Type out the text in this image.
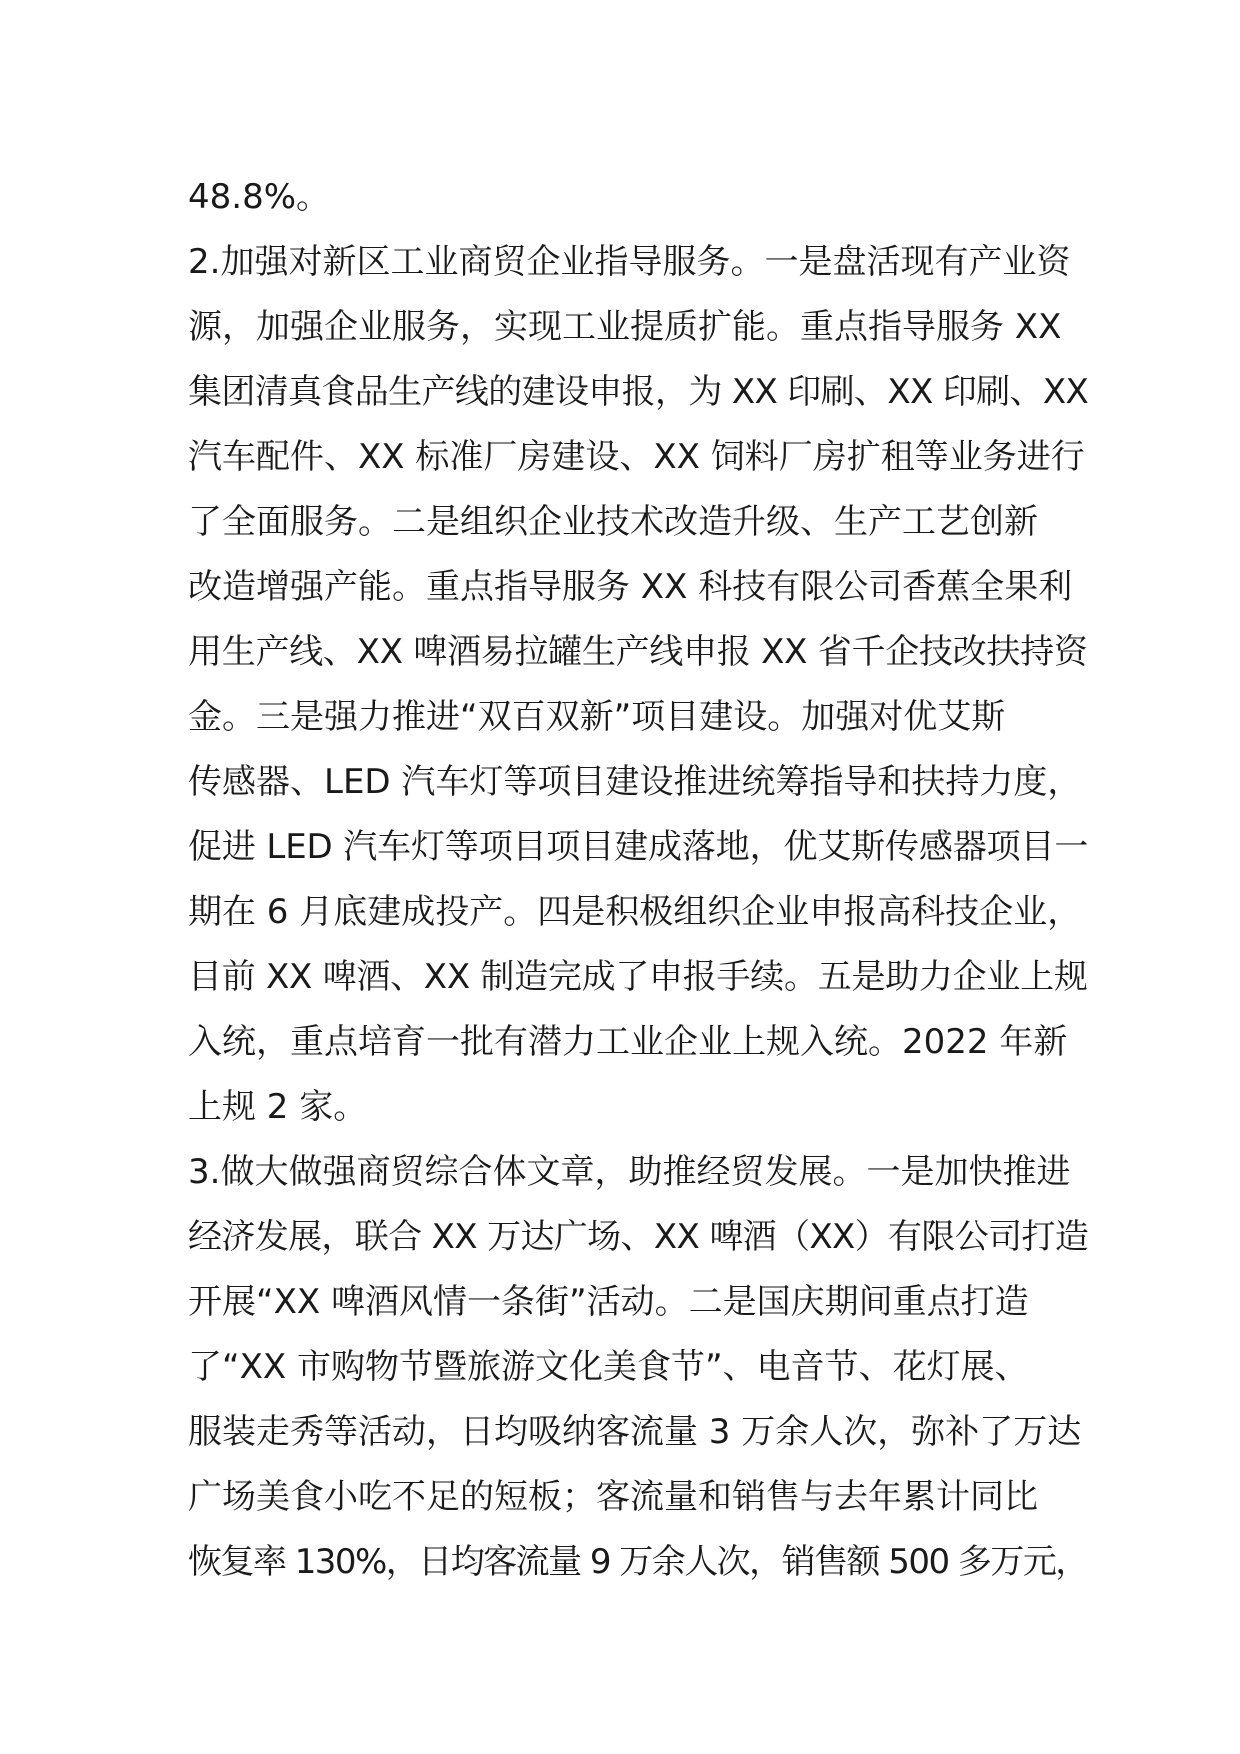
48.8%。
2.加强对新区工业商贸企业指导服务。一是盘活现有产业资
源，加强企业服务，实现工业提质扩能。重点指导服务 XX
集团清真食品生产线的建设申报，为 XX 印刷、XX 印刷、XX
汽车配件、XX 标准厂房建设、XX 饲料厂房扩租等业务进行
了全面服务。二是组织企业技术改造升级、生产工艺创新
改造增强产能。重点指导服务 XX 科技有限公司香蕉全果利
用生产线、XX 啤酒易拉罐生产线申报 XX 省千企技改扶持资
金。三是强力推进“双百双新”项目建设。加强对优艾斯
传感器、LED 汽车灯等项目建设推进统筹指导和扶持力度，
促进 LED 汽车灯等项目项目建成落地，优艾斯传感器项目一
期在 6 月底建成投产。四是积极组织企业申报高科技企业，
目前 XX 啤酒、XX 制造完成了申报手续。五是助力企业上规
入统，重点培育一批有潜力工业企业上规入统。2022 年新
上规 2 家。
3.做大做强商贸综合体文章，助推经贸发展。一是加快推进
经济发展，联合 XX 万达广场、XX 啤酒（XX）有限公司打造
开展“XX 啤酒风情一条街”活动。二是国庆期间重点打造
了“XX 市购物节暨旅游文化美食节”、电音节、花灯展、
服装走秀等活动，日均吸纳客流量 3 万余人次，弥补了万达
广场美食小吃不足的短板；客流量和销售与去年累计同比
恢复率 130%，日均客流量 9 万余人次，销售额 500 多万元，
